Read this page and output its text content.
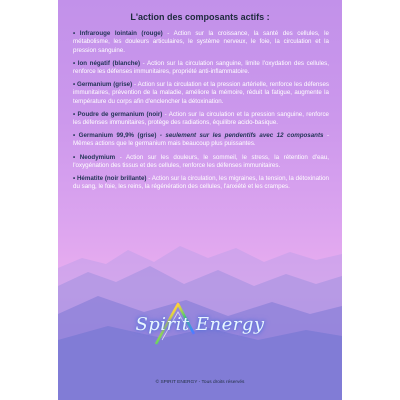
L'action des composants actifs :

• Infrarouge lointain (rouge) - Action sur la croissance, la santé des cellules, le métabolisme, les douleurs articulaires, le système nerveux, le foie, la circulation et la pression sanguine.

• Ion négatif (blanche) - Action sur la circulation sanguine, limite l'oxydation des cellules, renforce les défenses immunitaires, propriété anti-inflammatoire.

• Germanium (grise) - Action sur la circulation et la pression artérielle, renforce les défenses immunitaires, prévention de la maladie, améliore la mémoire, réduit la fatigue, augmente la température du corps afin d'enclencher la détoxination.

• Poudre de germanium (noir) - Action sur la circulation et la pression sanguine, renforce les défenses immunitaires, protège des radiations, équilibre acido-basique.

• Germanium 99,9% (grise) - seulement sur les pendentifs avec 12 composants - Mêmes actions que le germanium mais beaucoup plus puissantes.

• Neodymium - Action sur les douleurs, le sommeil, le stress, la rétention d'eau, l'oxygénation des tissus et des cellules, renforce les défenses immunitaires.

• Hématite (noir brillante) - Action sur la circulation, les migraines, la tension, la détoxination du sang, le foie, les reins, la régénération des cellules, l'anxiété et les crampes.

Spirit Energy
© SPIRIT ENERGY - Tous droits réservés
